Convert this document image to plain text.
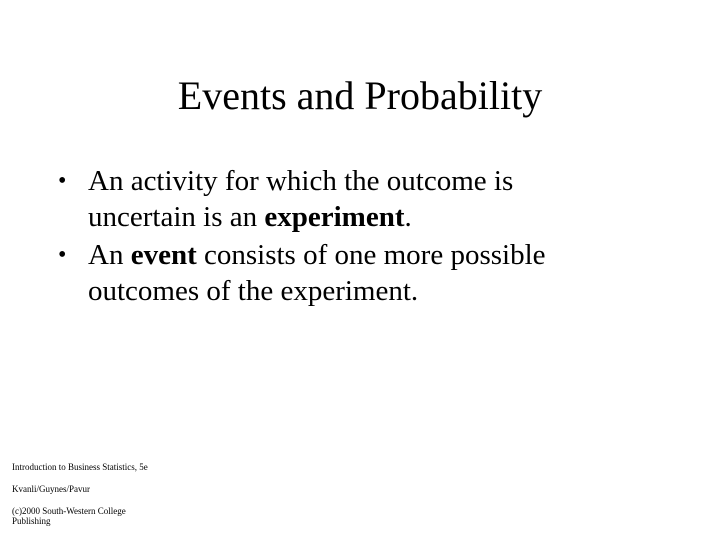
Events and Probability
• An activity for which the outcome is
uncertain is an experiment.
• An event consists of one more possible
outcomes of the experiment.
Introduction to Business Statistics, 5e
Kvanli/Guynes/Pavur
(c)2000 South-Western College
Publishing
